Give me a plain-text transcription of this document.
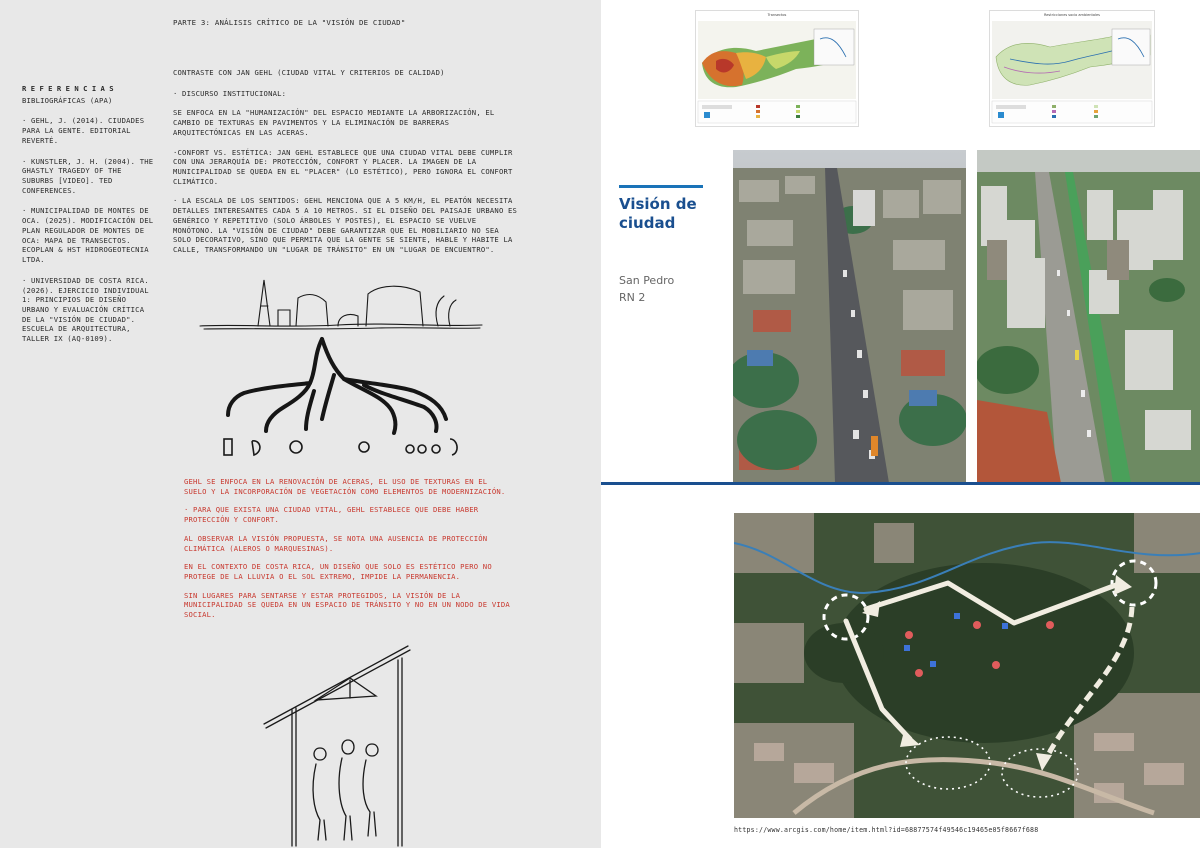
PARTE 3: ANÁLISIS CRÍTICO DE LA "VISIÓN DE CIUDAD"
REFERENCIAS
BIBLIOGRÁFICAS (APA)
· GEHL, J. (2014). CIUDADES PARA LA GENTE. EDITORIAL REVERTÉ.
· KUNSTLER, J. H. (2004). THE GHASTLY TRAGEDY OF THE SUBURBS [VIDEO]. TED CONFERENCES.
· MUNICIPALIDAD DE MONTES DE OCA. (2025). MODIFICACIÓN DEL PLAN REGULADOR DE MONTES DE OCA: MAPA DE TRANSECTOS. ECOPLAN & HST HIDROGEOTECNIA LTDA.
· UNIVERSIDAD DE COSTA RICA. (2026). EJERCICIO INDIVIDUAL 1: PRINCIPIOS DE DISEÑO URBANO Y EVALUACIÓN CRÍTICA DE LA "VISIÓN DE CIUDAD". ESCUELA DE ARQUITECTURA, TALLER IX (AQ-0109).
CONTRASTE CON JAN GEHL (CIUDAD VITAL Y CRITERIOS DE CALIDAD)

· DISCURSO INSTITUCIONAL:

SE ENFOCA EN LA "HUMANIZACIÓN" DEL ESPACIO MEDIANTE LA ARBORIZACIÓN, EL CAMBIO DE TEXTURAS EN PAVIMENTOS Y LA ELIMINACIÓN DE BARRERAS ARQUITECTÓNICAS EN LAS ACERAS.

·CONFORT VS. ESTÉTICA: JAN GEHL ESTABLECE QUE UNA CIUDAD VITAL DEBE CUMPLIR CON UNA JERARQUÍA DE: PROTECCIÓN, CONFORT Y PLACER. LA IMAGEN DE LA MUNICIPALIDAD SE QUEDA EN EL "PLACER" (LO ESTÉTICO), PERO IGNORA EL CONFORT CLIMÁTICO.

· LA ESCALA DE LOS SENTIDOS: GEHL MENCIONA QUE A 5 KM/H, EL PEATÓN NECESITA DETALLES INTERESANTES CADA 5 A 10 METROS. SI EL DISEÑO DEL PAISAJE URBANO ES GENÉRICO Y REPETITIVO (SOLO ÁRBOLES Y POSTES), EL ESPACIO SE VUELVE MONÓTONO. LA "VISIÓN DE CIUDAD" DEBE GARANTIZAR QUE EL MOBILIARIO NO SEA SOLO DECORATIVO, SINO QUE PERMITA QUE LA GENTE SE SIENTE, HABLE Y HABITE LA CALLE, TRANSFORMANDO UN "LUGAR DE TRÁNSITO" EN UN "LUGAR DE ENCUENTRO".

GEHL SE ENFOCA EN LA RENOVACIÓN DE ACERAS, EL USO DE TEXTURAS EN EL SUELO Y LA INCORPORACIÓN DE VEGETACIÓN COMO ELEMENTOS DE MODERNIZACIÓN.

· PARA QUE EXISTA UNA CIUDAD VITAL, GEHL ESTABLECE QUE DEBE HABER PROTECCIÓN Y CONFORT.

AL OBSERVAR LA VISIÓN PROPUESTA, SE NOTA UNA AUSENCIA DE PROTECCIÓN CLIMÁTICA (ALEROS O MARQUESINAS).

EN EL CONTEXTO DE COSTA RICA, UN DISEÑO QUE SOLO ES ESTÉTICO PERO NO PROTEGE DE LA LLUVIA O EL SOL EXTREMO, IMPIDE LA PERMANENCIA.

SIN LUGARES PARA SENTARSE Y ESTAR PROTEGIDOS, LA VISIÓN DE LA MUNICIPALIDAD SE QUEDA EN UN ESPACIO DE TRÁNSITO Y NO EN UN NODO DE VIDA SOCIAL.

Transectos	Restricciones socio ambientales
Visión de ciudad
San Pedro
RN 2
https://www.arcgis.com/home/item.html?id=68877574f49546c19465e05f8667f688
